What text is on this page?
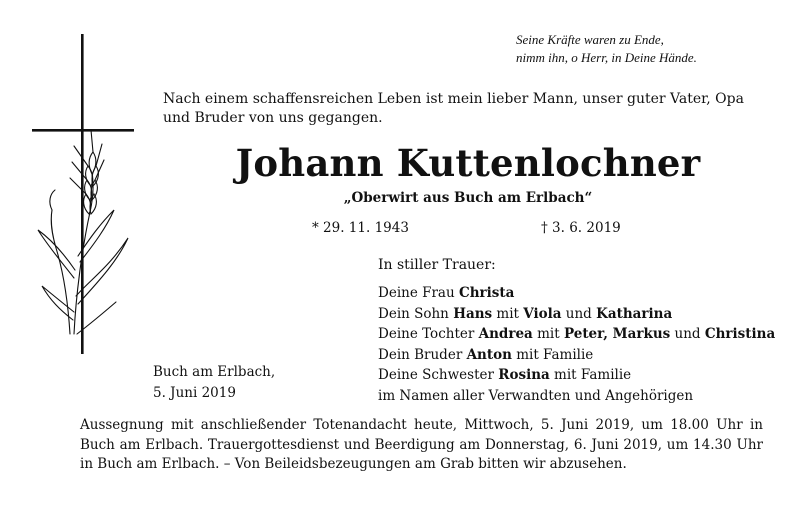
Seine Kräfte waren zu Ende,
nimm ihn, o Herr, in Deine Hände.
Nach einem schaffensreichen Leben ist mein lieber Mann, unser guter Vater, Opa und Bruder von uns gegangen.
Johann Kuttenlochner
„Oberwirt aus Buch am Erlbach“
* 29. 11. 1943	† 3. 6. 2019
In stiller Trauer:
Deine Frau Christa
Dein Sohn Hans mit Viola und Katharina
Deine Tochter Andrea mit Peter, Markus und Christina
Dein Bruder Anton mit Familie
Deine Schwester Rosina mit Familie
im Namen aller Verwandten und Angehörigen
Buch am Erlbach,
5. Juni 2019
Aussegnung mit anschließender Totenandacht heute, Mittwoch, 5. Juni 2019, um 18.00 Uhr in
Buch am Erlbach. Trauergottesdienst und Beerdigung am Donnerstag, 6. Juni 2019, um 14.30 Uhr
in Buch am Erlbach. – Von Beileidsbezeugungen am Grab bitten wir abzusehen.
